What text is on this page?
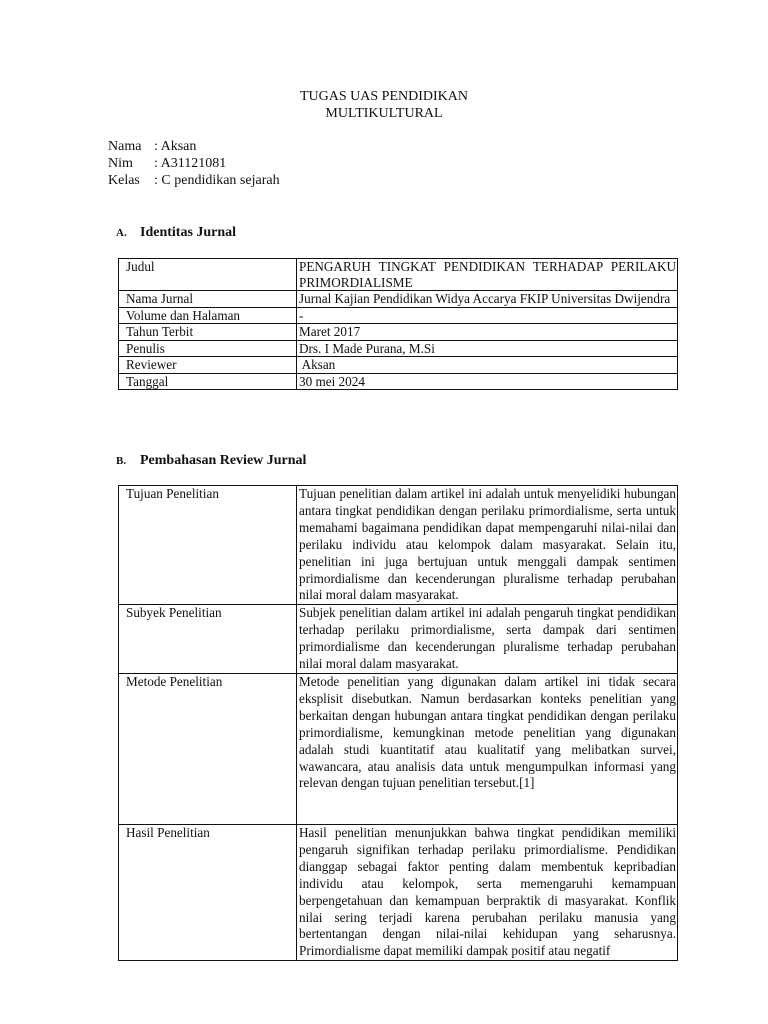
TUGAS UAS PENDIDIKAN
MULTIKULTURAL
Nama : Aksan
Nim : A31121081
Kelas : C pendidikan sejarah
A. Identitas Jurnal
Judul	PENGARUH TINGKAT PENDIDIKAN TERHADAP PERILAKU PRIMORDIALISME
Nama Jurnal	Jurnal Kajian Pendidikan Widya Accarya FKIP Universitas Dwijendra
Volume dan Halaman	-
Tahun Terbit	Maret 2017
Penulis	Drs. I Made Purana, M.Si
Reviewer	Aksan
Tanggal	30 mei 2024
B. Pembahasan Review Jurnal
Tujuan Penelitian	Tujuan penelitian dalam artikel ini adalah untuk menyelidiki hubungan antara tingkat pendidikan dengan perilaku primordialisme, serta untuk memahami bagaimana pendidikan dapat mempengaruhi nilai-nilai dan perilaku individu atau kelompok dalam masyarakat. Selain itu, penelitian ini juga bertujuan untuk menggali dampak sentimen primordialisme dan kecenderungan pluralisme terhadap perubahan nilai moral dalam masyarakat.
Subyek Penelitian	Subjek penelitian dalam artikel ini adalah pengaruh tingkat pendidikan terhadap perilaku primordialisme, serta dampak dari sentimen primordialisme dan kecenderungan pluralisme terhadap perubahan nilai moral dalam masyarakat.
Metode Penelitian	Metode penelitian yang digunakan dalam artikel ini tidak secara eksplisit disebutkan. Namun berdasarkan konteks penelitian yang berkaitan dengan hubungan antara tingkat pendidikan dengan perilaku primordialisme, kemungkinan metode penelitian yang digunakan adalah studi kuantitatif atau kualitatif yang melibatkan survei, wawancara, atau analisis data untuk mengumpulkan informasi yang relevan dengan tujuan penelitian tersebut.[1]
Hasil Penelitian	Hasil penelitian menunjukkan bahwa tingkat pendidikan memiliki pengaruh signifikan terhadap perilaku primordialisme. Pendidikan dianggap sebagai faktor penting dalam membentuk kepribadian individu atau kelompok, serta memengaruhi kemampuan berpengetahuan dan kemampuan berpraktik di masyarakat. Konflik nilai sering terjadi karena perubahan perilaku manusia yang bertentangan dengan nilai-nilai kehidupan yang seharusnya. Primordialisme dapat memiliki dampak positif atau negatif
